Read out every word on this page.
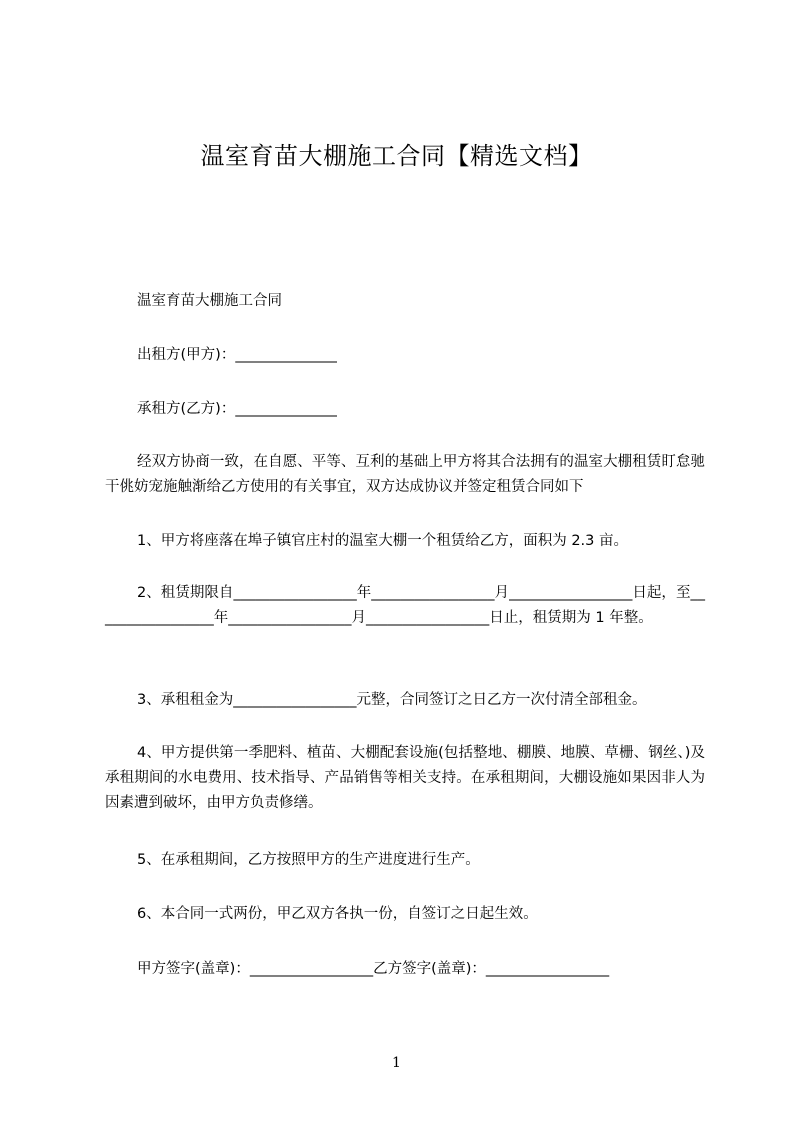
温室育苗大棚施工合同【精选文档】
温室育苗大棚施工合同
出租方(甲方)：______________
承租方(乙方)：______________
经双方协商一致，在自愿、平等、互利的基础上甲方将其合法拥有的温室大棚租赁盯怠驰干佻妨宠施触渐给乙方使用的有关事宜，双方达成协议并签定租赁合同如下
1、甲方将座落在埠子镇官庄村的温室大棚一个租赁给乙方，面积为 2.3 亩。
2、租赁期限自_________________年_________________月_________________日起，至_________________年_________________月_________________日止，租赁期为 1 年整。
3、承租租金为_________________元整，合同签订之日乙方一次付清全部租金。
4、甲方提供第一季肥料、植苗、大棚配套设施(包括整地、棚膜、地膜、草栅、钢丝、)及承租期间的水电费用、技术指导、产品销售等相关支持。在承租期间，大棚设施如果因非人为因素遭到破坏，由甲方负责修缮。
5、在承租期间，乙方按照甲方的生产进度进行生产。
6、本合同一式两份，甲乙双方各执一份，自签订之日起生效。
甲方签字(盖章)：_________________乙方签字(盖章)：_________________
1
